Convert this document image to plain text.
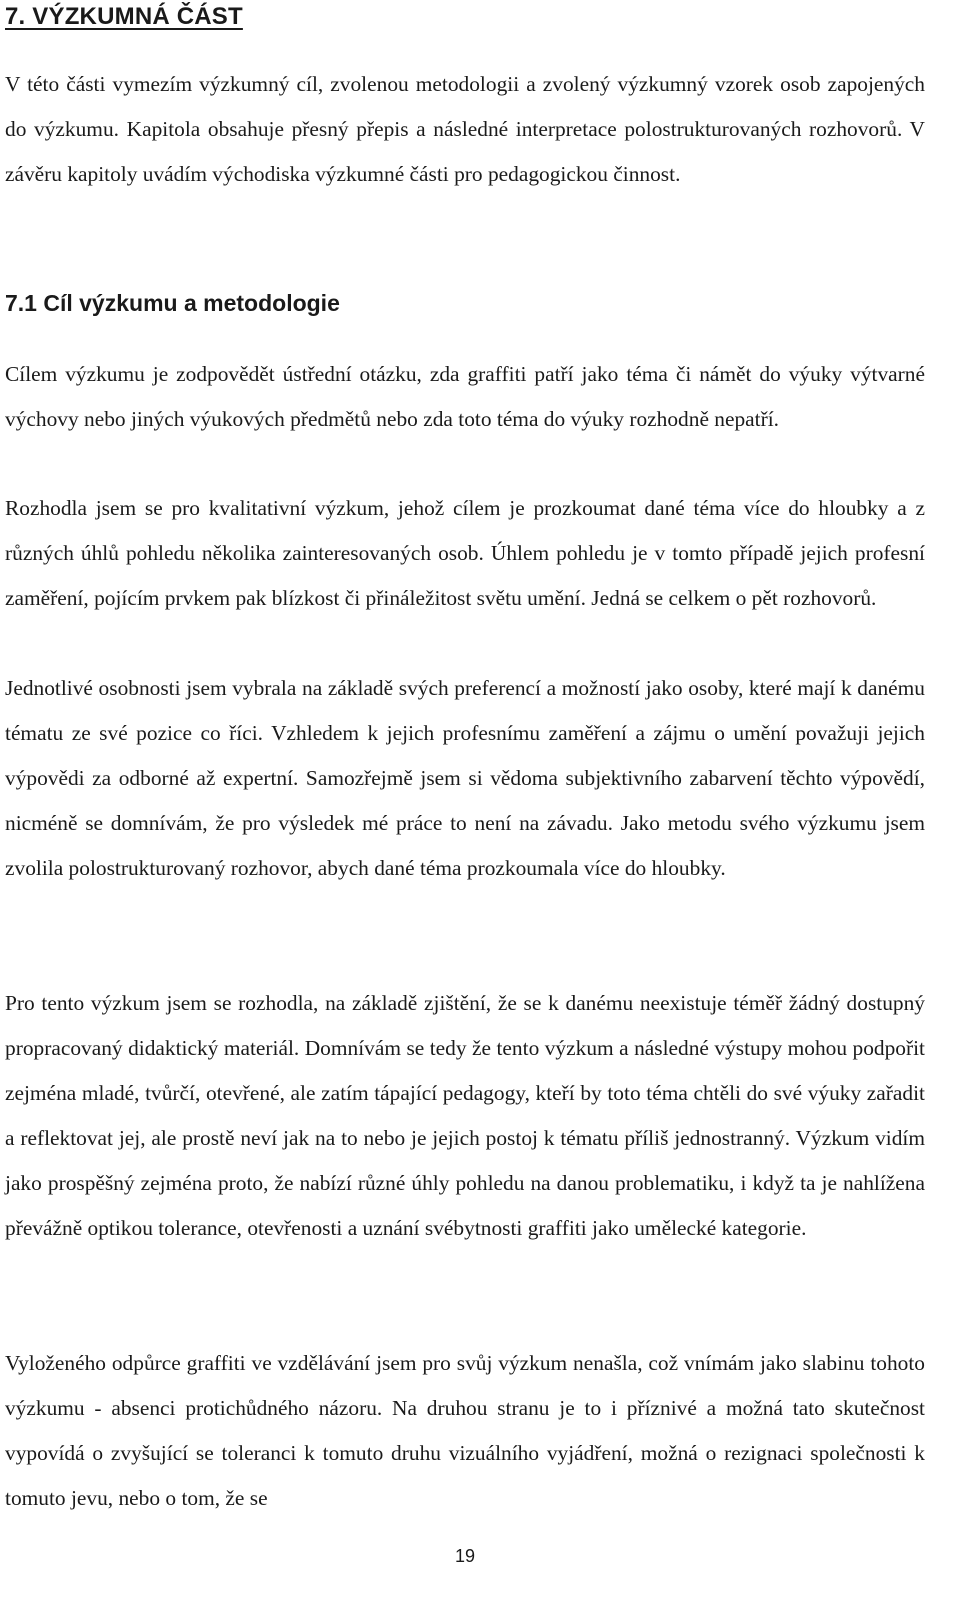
7. VÝZKUMNÁ ČÁST

V této části vymezím výzkumný cíl, zvolenou metodologii a zvolený výzkumný vzorek osob zapojených do výzkumu. Kapitola obsahuje přesný přepis a následné interpretace polostrukturovaných rozhovorů. V závěru kapitoly uvádím východiska výzkumné části pro pedagogickou činnost.

7.1 Cíl výzkumu a metodologie

Cílem výzkumu je zodpovědět ústřední otázku, zda graffiti patří jako téma či námět do výuky výtvarné výchovy nebo jiných výukových předmětů nebo zda toto téma do výuky rozhodně nepatří.

Rozhodla jsem se pro kvalitativní výzkum, jehož cílem je prozkoumat dané téma více do hloubky a z různých úhlů pohledu několika zainteresovaných osob. Úhlem pohledu je v tomto případě jejich profesní zaměření, pojícím prvkem pak blízkost či přináležitost světu umění. Jedná se celkem o pět rozhovorů.

Jednotlivé osobnosti jsem vybrala na základě svých preferencí a možností jako osoby, které mají k danému tématu ze své pozice co říci. Vzhledem k jejich profesnímu zaměření a zájmu o umění považuji jejich výpovědi za odborné až expertní. Samozřejmě jsem si vědoma subjektivního zabarvení těchto výpovědí, nicméně se domnívám, že pro výsledek mé práce to není na závadu. Jako metodu svého výzkumu jsem zvolila polostrukturovaný rozhovor, abych dané téma prozkoumala více do hloubky.

Pro tento výzkum jsem se rozhodla, na základě zjištění, že se k danému neexistuje téměř žádný dostupný propracovaný didaktický materiál. Domnívám se tedy že tento výzkum a následné výstupy mohou podpořit zejména mladé, tvůrčí, otevřené, ale zatím tápající pedagogy, kteří by toto téma chtěli do své výuky zařadit a reflektovat jej, ale prostě neví jak na to nebo je jejich postoj k tématu příliš jednostranný. Výzkum vidím jako prospěšný zejména proto, že nabízí různé úhly pohledu na danou problematiku, i když ta je nahlížena převážně optikou tolerance, otevřenosti a uznání svébytnosti graffiti jako umělecké kategorie.

Vyloženého odpůrce graffiti ve vzdělávání jsem pro svůj výzkum nenašla, což vnímám jako slabinu tohoto výzkumu - absenci protichůdného názoru. Na druhou stranu je to i příznivé a možná tato skutečnost vypovídá o zvyšující se toleranci k tomuto druhu vizuálního vyjádření, možná o rezignaci společnosti k tomuto jevu, nebo o tom, že se

19
